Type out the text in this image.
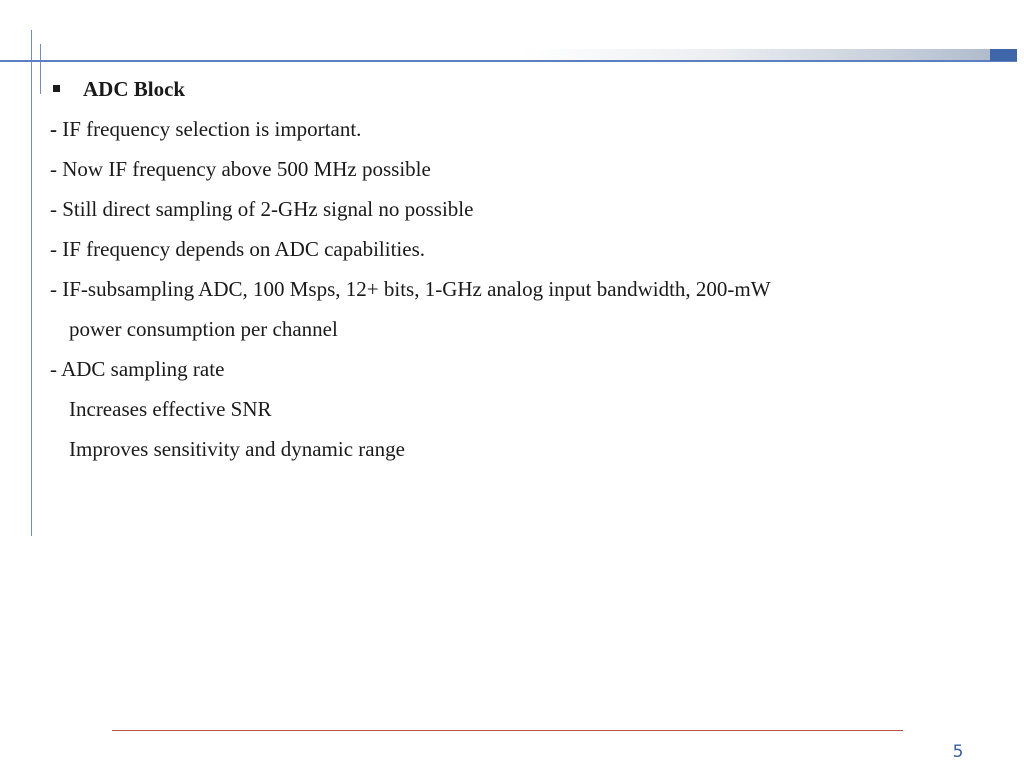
ADC Block
- IF frequency selection is important.
- Now IF frequency above 500 MHz possible
- Still direct sampling of 2-GHz signal no possible
- IF frequency depends on ADC capabilities.
- IF-subsampling ADC, 100 Msps, 12+ bits, 1-GHz analog input bandwidth, 200-mW
power consumption per channel
- ADC sampling rate
Increases effective SNR
Improves sensitivity and dynamic range
5
